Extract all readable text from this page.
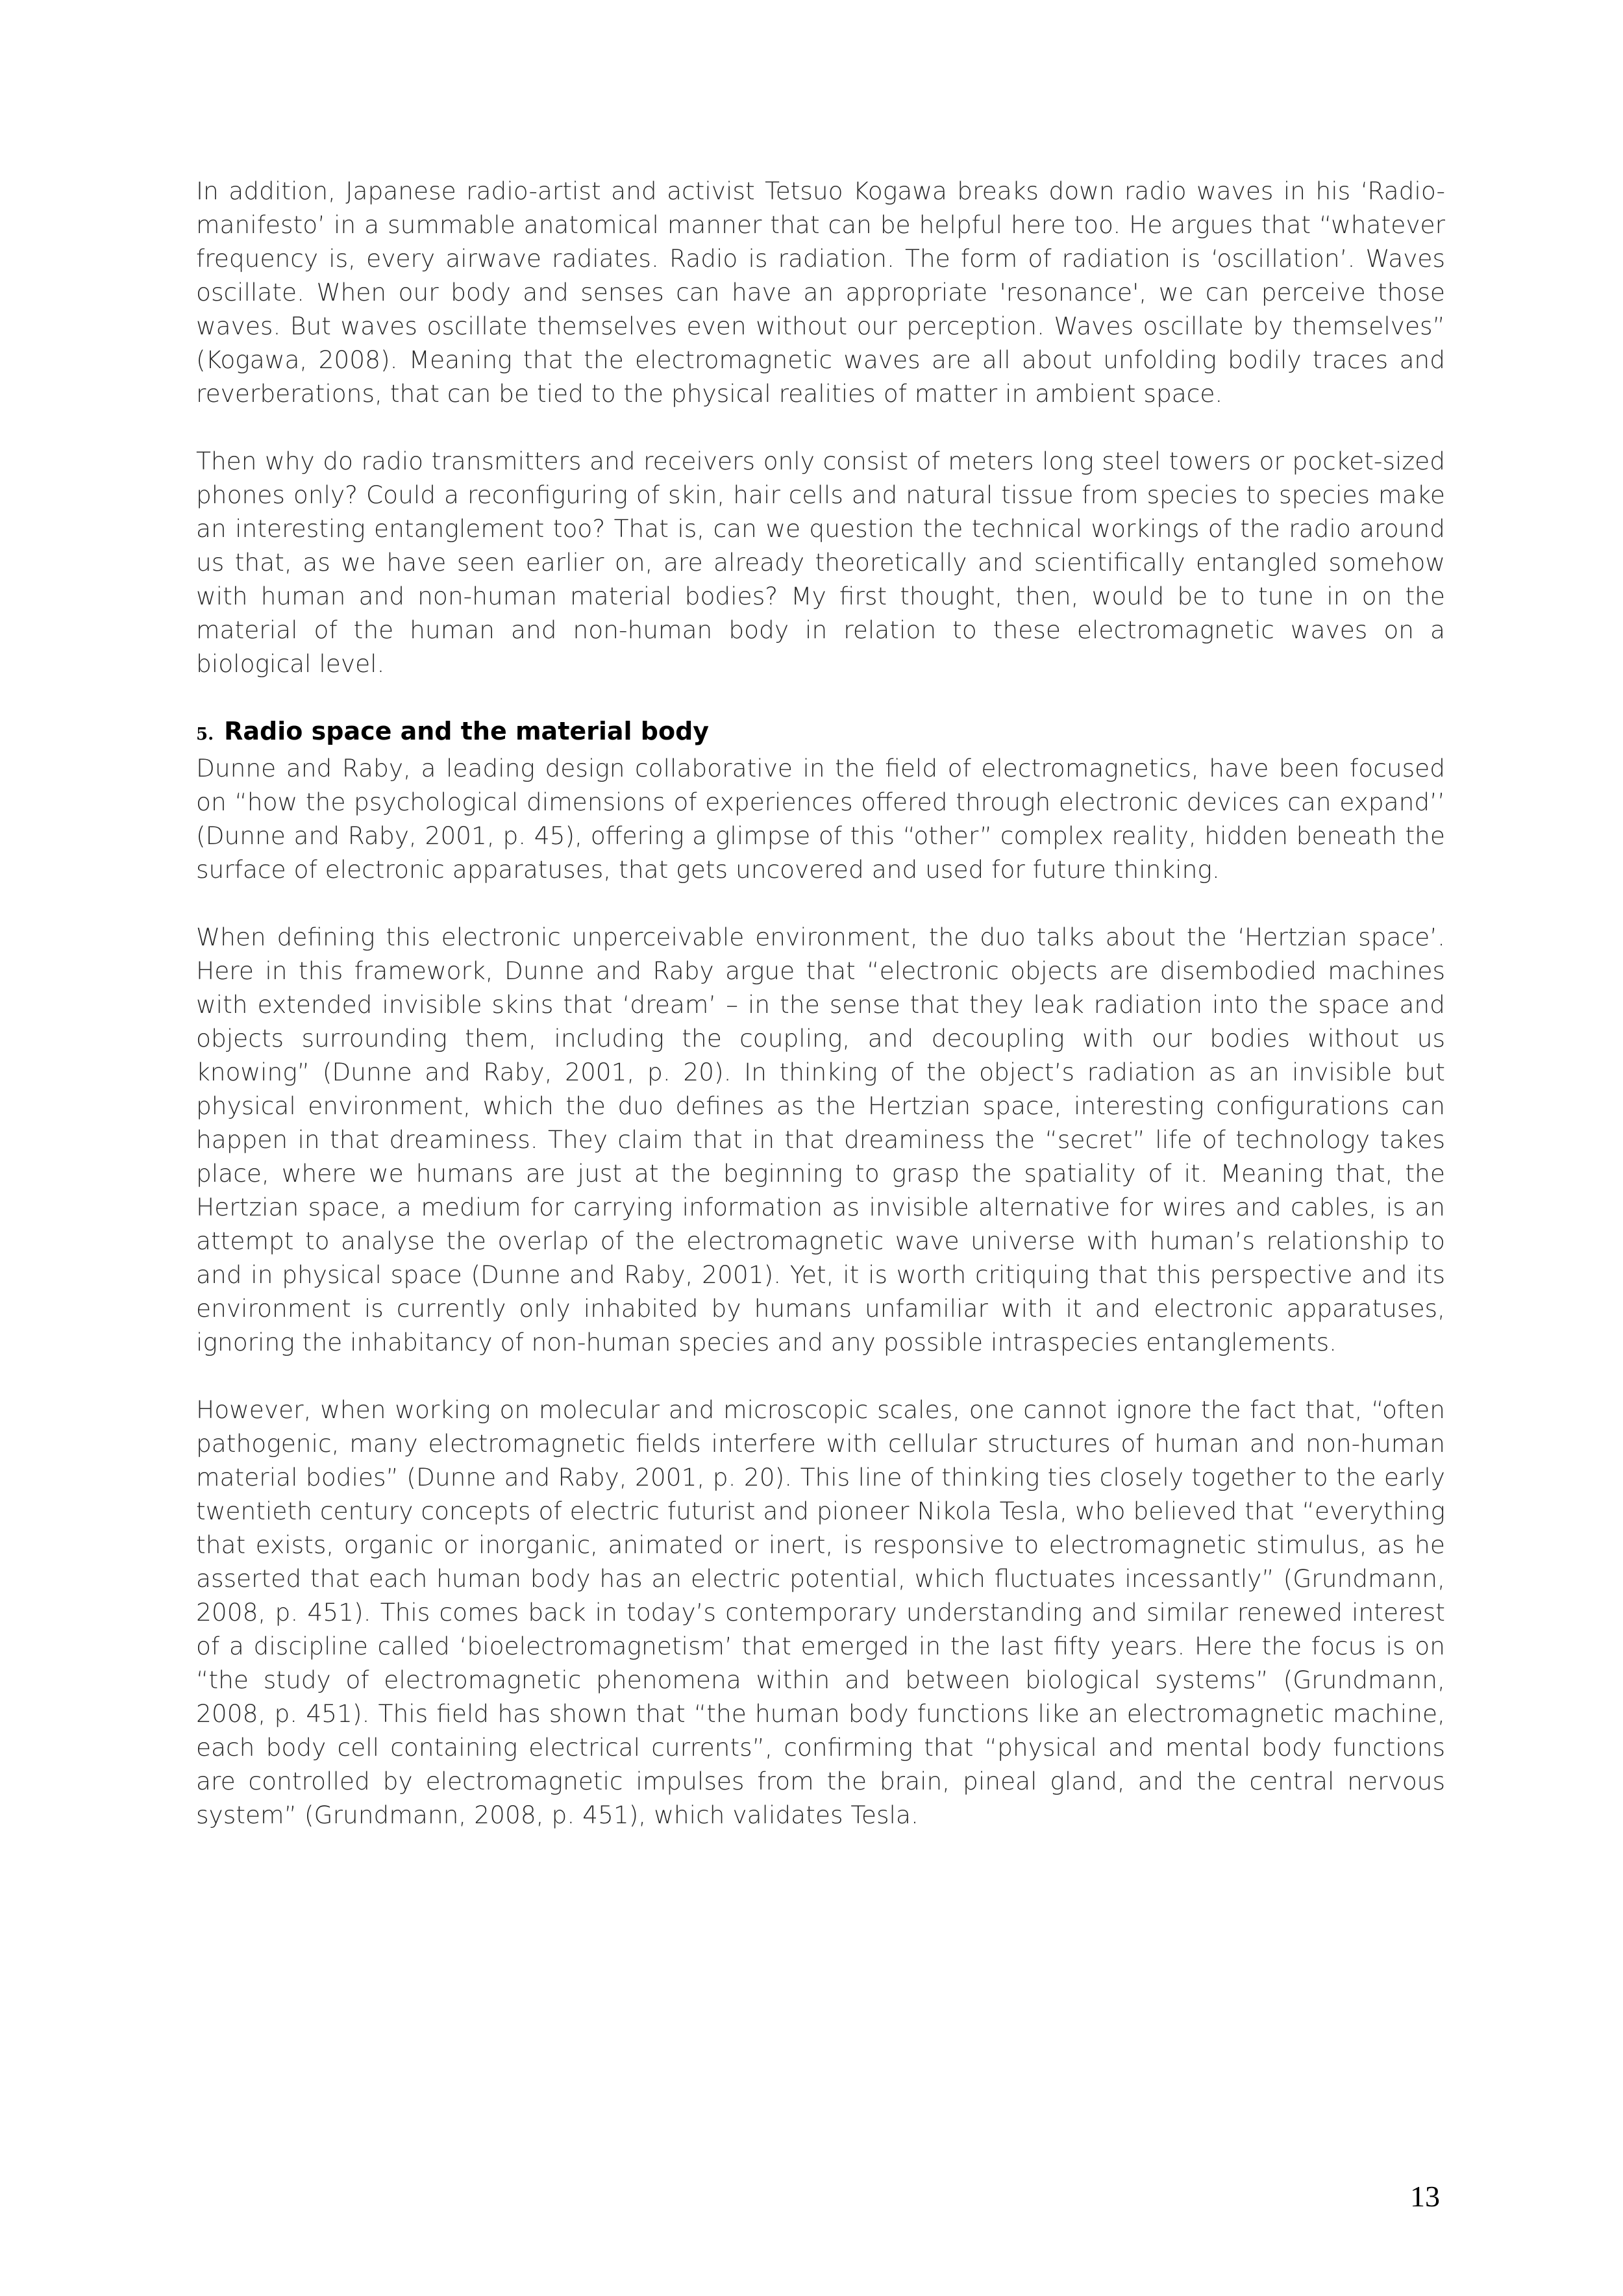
In addition, Japanese radio-artist and activist Tetsuo Kogawa breaks down radio waves in his ‘Radio-manifesto’ in a summable anatomical manner that can be helpful here too. He argues that “whatever frequency is, every airwave radiates. Radio is radiation. The form of radiation is ‘oscillation’. Waves oscillate. When our body and senses can have an appropriate 'resonance', we can perceive those waves. But waves oscillate themselves even without our perception. Waves oscillate by themselves” (Kogawa, 2008). Meaning that the electromagnetic waves are all about unfolding bodily traces and reverberations, that can be tied to the physical realities of matter in ambient space.

Then why do radio transmitters and receivers only consist of meters long steel towers or pocket-sized phones only? Could a reconfiguring of skin, hair cells and natural tissue from species to species make an interesting entanglement too? That is, can we question the technical workings of the radio around us that, as we have seen earlier on, are already theoretically and scientifically entangled somehow with human and non-human material bodies? My first thought, then, would be to tune in on the material of the human and non-human body in relation to these electromagnetic waves on a biological level.

5. Radio space and the material body

Dunne and Raby, a leading design collaborative in the field of electromagnetics, have been focused on “how the psychological dimensions of experiences offered through electronic devices can expand’’ (Dunne and Raby, 2001, p. 45), offering a glimpse of this “other” complex reality, hidden beneath the surface of electronic apparatuses, that gets uncovered and used for future thinking.

When defining this electronic unperceivable environment, the duo talks about the ‘Hertzian space’. Here in this framework, Dunne and Raby argue that “electronic objects are disembodied machines with extended invisible skins that ‘dream’ – in the sense that they leak radiation into the space and objects surrounding them, including the coupling, and decoupling with our bodies without us knowing” (Dunne and Raby, 2001, p. 20). In thinking of the object’s radiation as an invisible but physical environment, which the duo defines as the Hertzian space, interesting configurations can happen in that dreaminess. They claim that in that dreaminess the “secret” life of technology takes place, where we humans are just at the beginning to grasp the spatiality of it. Meaning that, the Hertzian space, a medium for carrying information as invisible alternative for wires and cables, is an attempt to analyse the overlap of the electromagnetic wave universe with human’s relationship to and in physical space (Dunne and Raby, 2001). Yet, it is worth critiquing that this perspective and its environment is currently only inhabited by humans unfamiliar with it and electronic apparatuses, ignoring the inhabitancy of non-human species and any possible intraspecies entanglements.

However, when working on molecular and microscopic scales, one cannot ignore the fact that, “often pathogenic, many electromagnetic fields interfere with cellular structures of human and non-human material bodies” (Dunne and Raby, 2001, p. 20). This line of thinking ties closely together to the early twentieth century concepts of electric futurist and pioneer Nikola Tesla, who believed that “everything that exists, organic or inorganic, animated or inert, is responsive to electromagnetic stimulus, as he asserted that each human body has an electric potential, which fluctuates incessantly” (Grundmann, 2008, p. 451). This comes back in today’s contemporary understanding and similar renewed interest of a discipline called ‘bioelectromagnetism’ that emerged in the last fifty years. Here the focus is on “the study of electromagnetic phenomena within and between biological systems” (Grundmann, 2008, p. 451). This field has shown that “the human body functions like an electromagnetic machine, each body cell containing electrical currents”, confirming that “physical and mental body functions are controlled by electromagnetic impulses from the brain, pineal gland, and the central nervous system” (Grundmann, 2008, p. 451), which validates Tesla.

13
